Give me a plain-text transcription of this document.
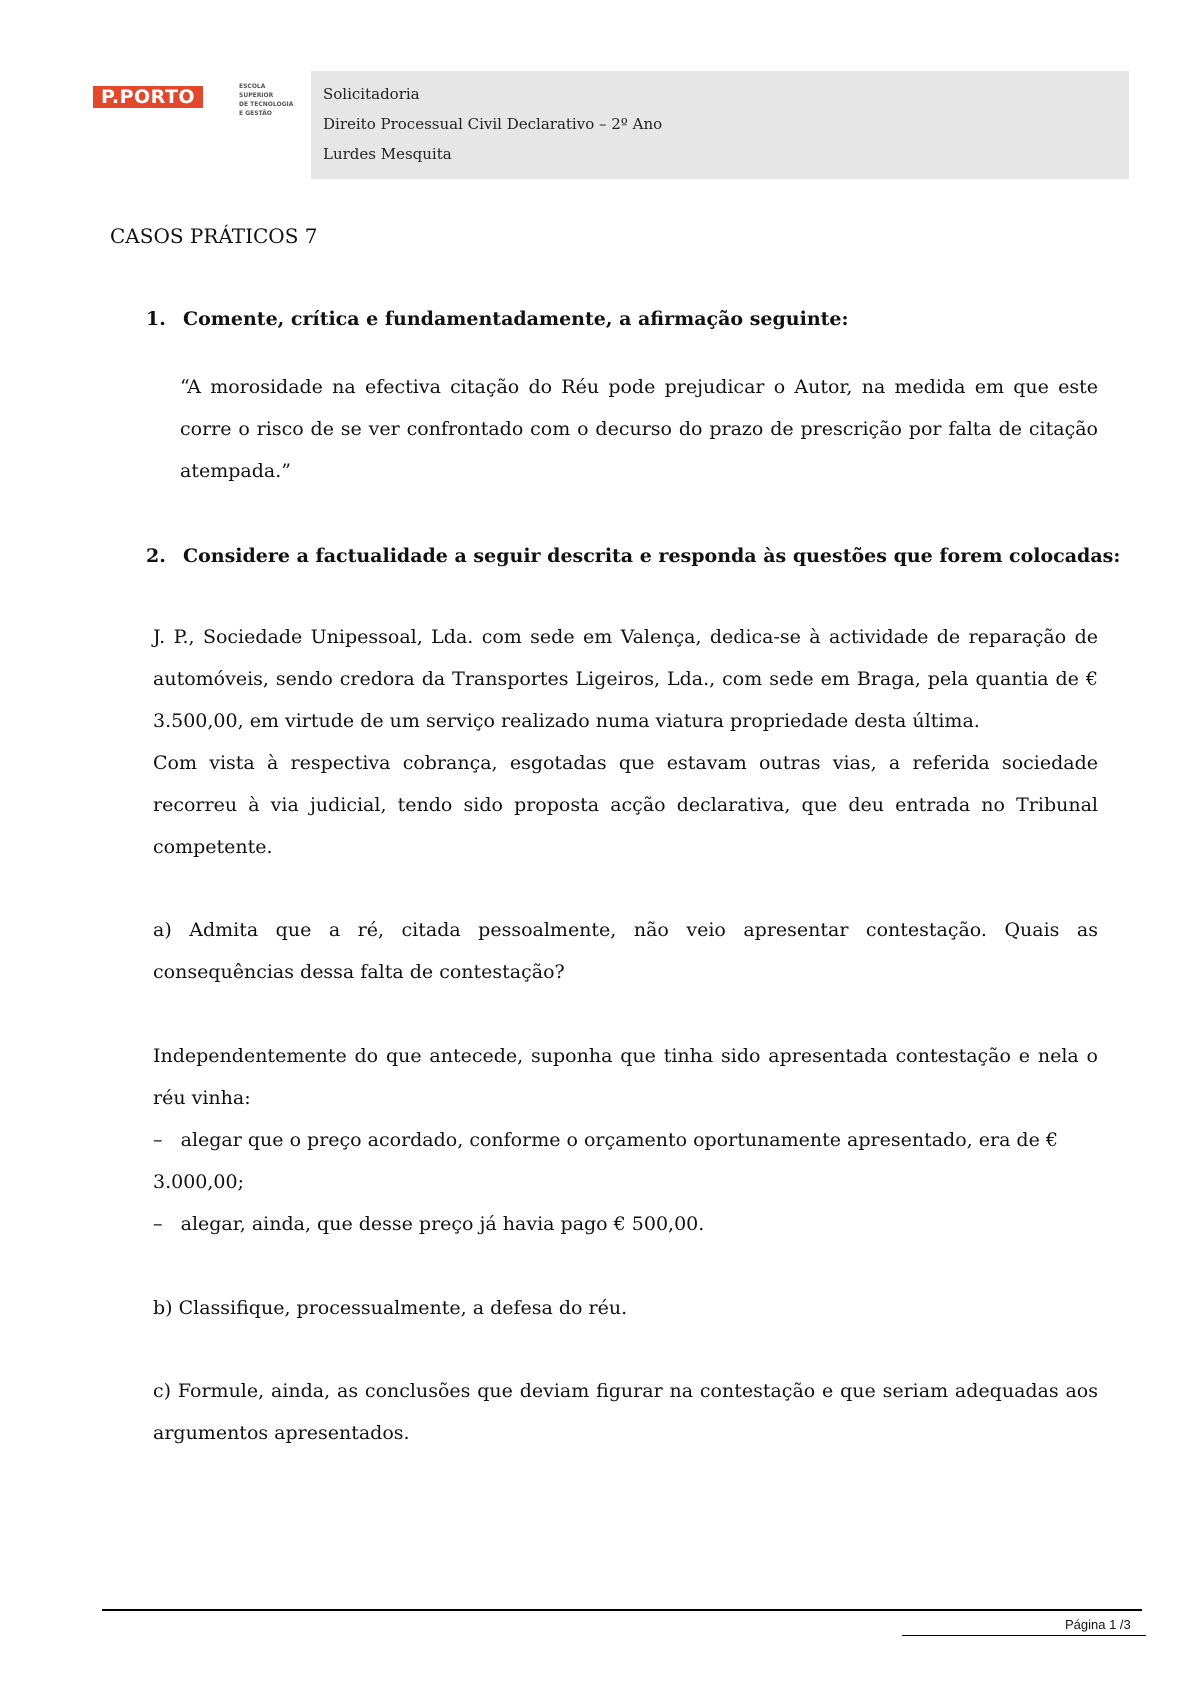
P.PORTO	ESCOLA
SUPERIOR
DE TECNOLOGIA
E GESTÃO
Solicitadoria
Direito Processual Civil Declarativo – 2º Ano
Lurdes Mesquita
CASOS PRÁTICOS 7
1. Comente, crítica e fundamentadamente, a afirmação seguinte:
“A morosidade na efectiva citação do Réu pode prejudicar o Autor, na medida em que este corre o risco de se ver confrontado com o decurso do prazo de prescrição por falta de citação atempada.”
2. Considere a factualidade a seguir descrita e responda às questões que forem colocadas:
J. P., Sociedade Unipessoal, Lda. com sede em Valença, dedica-se à actividade de reparação de automóveis, sendo credora da Transportes Ligeiros, Lda., com sede em Braga, pela quantia de € 3.500,00, em virtude de um serviço realizado numa viatura propriedade desta última.
Com vista à respectiva cobrança, esgotadas que estavam outras vias, a referida sociedade recorreu à via judicial, tendo sido proposta acção declarativa, que deu entrada no Tribunal competente.
a) Admita que a ré, citada pessoalmente, não veio apresentar contestação. Quais as consequências dessa falta de contestação?
Independentemente do que antecede, suponha que tinha sido apresentada contestação e nela o réu vinha:
– alegar que o preço acordado, conforme o orçamento oportunamente apresentado, era de €
3.000,00;
– alegar, ainda, que desse preço já havia pago € 500,00.
b) Classifique, processualmente, a defesa do réu.
c) Formule, ainda, as conclusões que deviam figurar na contestação e que seriam adequadas aos argumentos apresentados.
Página 1 /3
